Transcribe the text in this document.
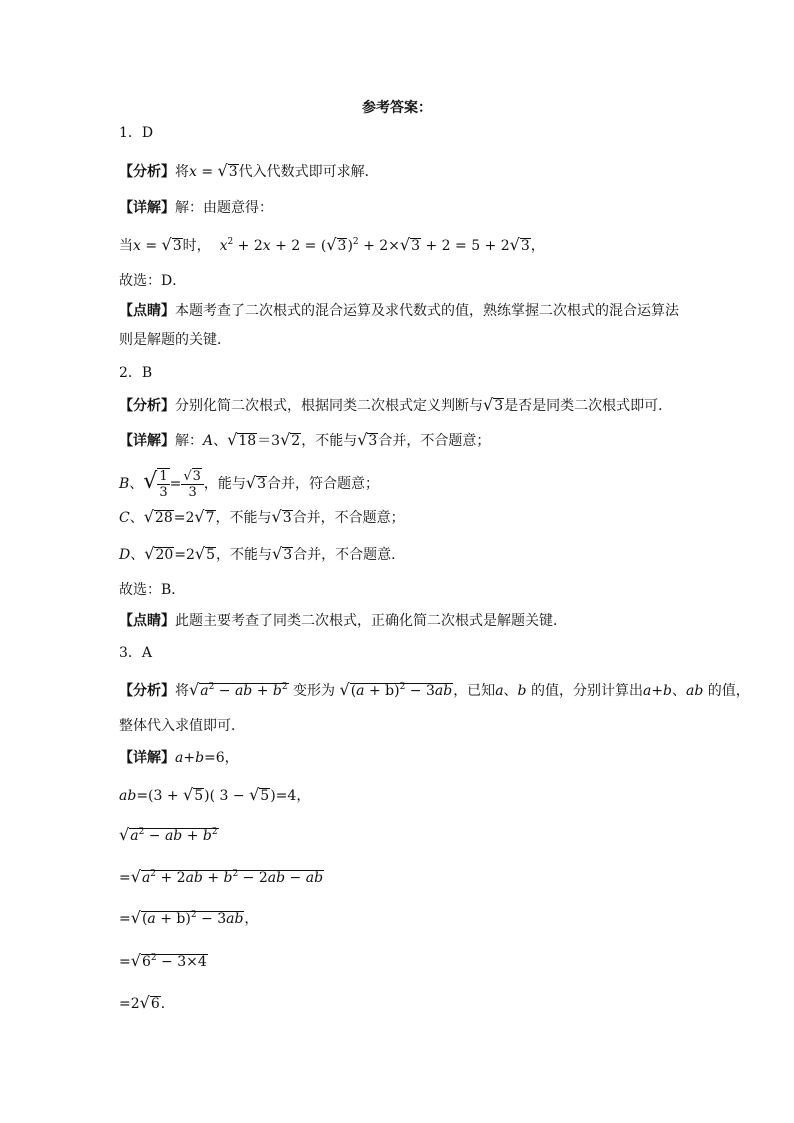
参考答案：
1．D
【分析】将x = √3代入代数式即可求解．
【详解】解：由题意得：
当x = √3时， $x^2 + 2x + 2 = (√3)^2 + 2\times√3 + 2 = 5 + 2√3$，
故选：D．
【点睛】本题考查了二次根式的混合运算及求代数式的值，熟练掌握二次根式的混合运算法
则是解题的关键．
2．B
【分析】分别化简二次根式，根据同类二次根式定义判断与√3是否是同类二次根式即可．
【详解】解：A、√18＝3√2，不能与√3合并，不合题意；
B、√ $\frac{1}{3} = \frac{√3}{3}$ ，能与√3合并，符合题意；
C、√28=2√7，不能与√3合并，不合题意；
D、√20=2√5，不能与√3合并，不合题意．
故选：B．
【点睛】此题主要考查了同类二次根式，正确化简二次根式是解题关键．
3．A
【分析】将$√a^2$ − ab + $b^2$ 变形为 $√(a + b)^2 - 3ab$，已知a、b 的值，分别计算出a+b、ab 的值，
整体代入求值即可．
【详解】a+b=6，
ab=(3 + √5)( 3 − √5)=4，
$√a^2$ − ab + $b^2$
$=√a^2 + 2ab + b^2 - 2ab$ − ab
$=√(a + b)^2 - 3ab$，
$=√6^2 - 3\times 4$
=2√6．
